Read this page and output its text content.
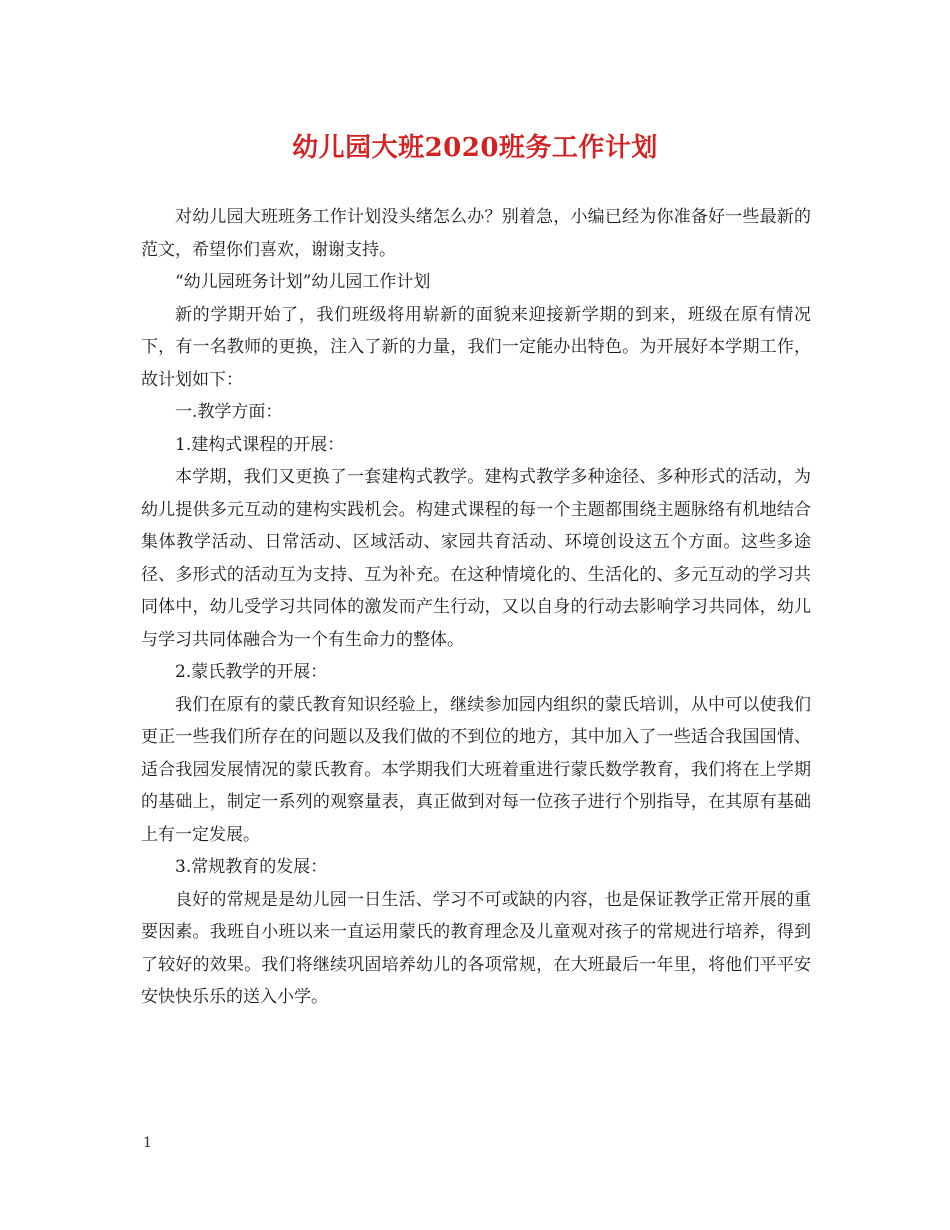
幼儿园大班2020班务工作计划

对幼儿园大班班务工作计划没头绪怎么办？别着急，小编已经为你准备好一些最新的范文，希望你们喜欢，谢谢支持。

“幼儿园班务计划”幼儿园工作计划

新的学期开始了，我们班级将用崭新的面貌来迎接新学期的到来，班级在原有情况下，有一名教师的更换，注入了新的力量，我们一定能办出特色。为开展好本学期工作，故计划如下：

一.教学方面：

1.建构式课程的开展：

本学期，我们又更换了一套建构式教学。建构式教学多种途径、多种形式的活动，为幼儿提供多元互动的建构实践机会。构建式课程的每一个主题都围绕主题脉络有机地结合集体教学活动、日常活动、区域活动、家园共育活动、环境创设这五个方面。这些多途径、多形式的活动互为支持、互为补充。在这种情境化的、生活化的、多元互动的学习共同体中，幼儿受学习共同体的激发而产生行动，又以自身的行动去影响学习共同体，幼儿与学习共同体融合为一个有生命力的整体。

2.蒙氏教学的开展：

我们在原有的蒙氏教育知识经验上，继续参加园内组织的蒙氏培训，从中可以使我们更正一些我们所存在的问题以及我们做的不到位的地方，其中加入了一些适合我国国情、适合我园发展情况的蒙氏教育。本学期我们大班着重进行蒙氏数学教育，我们将在上学期的基础上，制定一系列的观察量表，真正做到对每一位孩子进行个别指导，在其原有基础上有一定发展。

3.常规教育的发展：

良好的常规是是幼儿园一日生活、学习不可或缺的内容，也是保证教学正常开展的重要因素。我班自小班以来一直运用蒙氏的教育理念及儿童观对孩子的常规进行培养，得到了较好的效果。我们将继续巩固培养幼儿的各项常规，在大班最后一年里，将他们平平安安快快乐乐的送入小学。

1
